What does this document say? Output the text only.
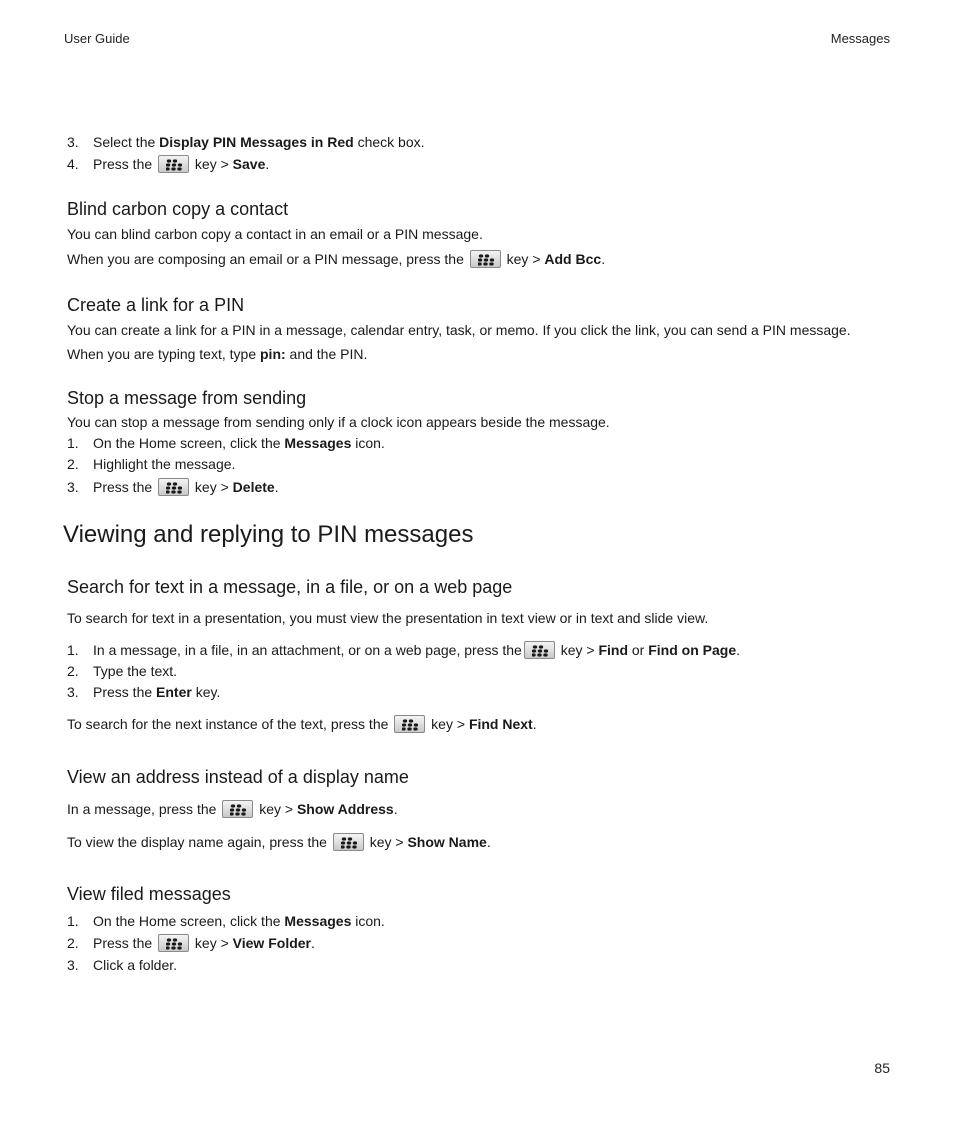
User Guide	Messages
3. Select the Display PIN Messages in Red check box.
4. Press the	key > Save.
Blind carbon copy a contact
You can blind carbon copy a contact in an email or a PIN message.
When you are composing an email or a PIN message, press the	key > Add Bcc.
Create a link for a PIN
You can create a link for a PIN in a message, calendar entry, task, or memo. If you click the link, you can send a PIN message.
When you are typing text, type pin: and the PIN.
Stop a message from sending
You can stop a message from sending only if a clock icon appears beside the message.
1. On the Home screen, click the Messages icon.
2. Highlight the message.
3. Press the	key > Delete.
Viewing and replying to PIN messages
Search for text in a message, in a file, or on a web page
To search for text in a presentation, you must view the presentation in text view or in text and slide view.
1. In a message, in a file, in an attachment, or on a web page, press the	key > Find or Find on Page.
2. Type the text.
3. Press the Enter key.
To search for the next instance of the text, press the	key > Find Next.
View an address instead of a display name
In a message, press the	key > Show Address.
To view the display name again, press the	key > Show Name.
View filed messages
1. On the Home screen, click the Messages icon.
2. Press the	key > View Folder.
3. Click a folder.
85
